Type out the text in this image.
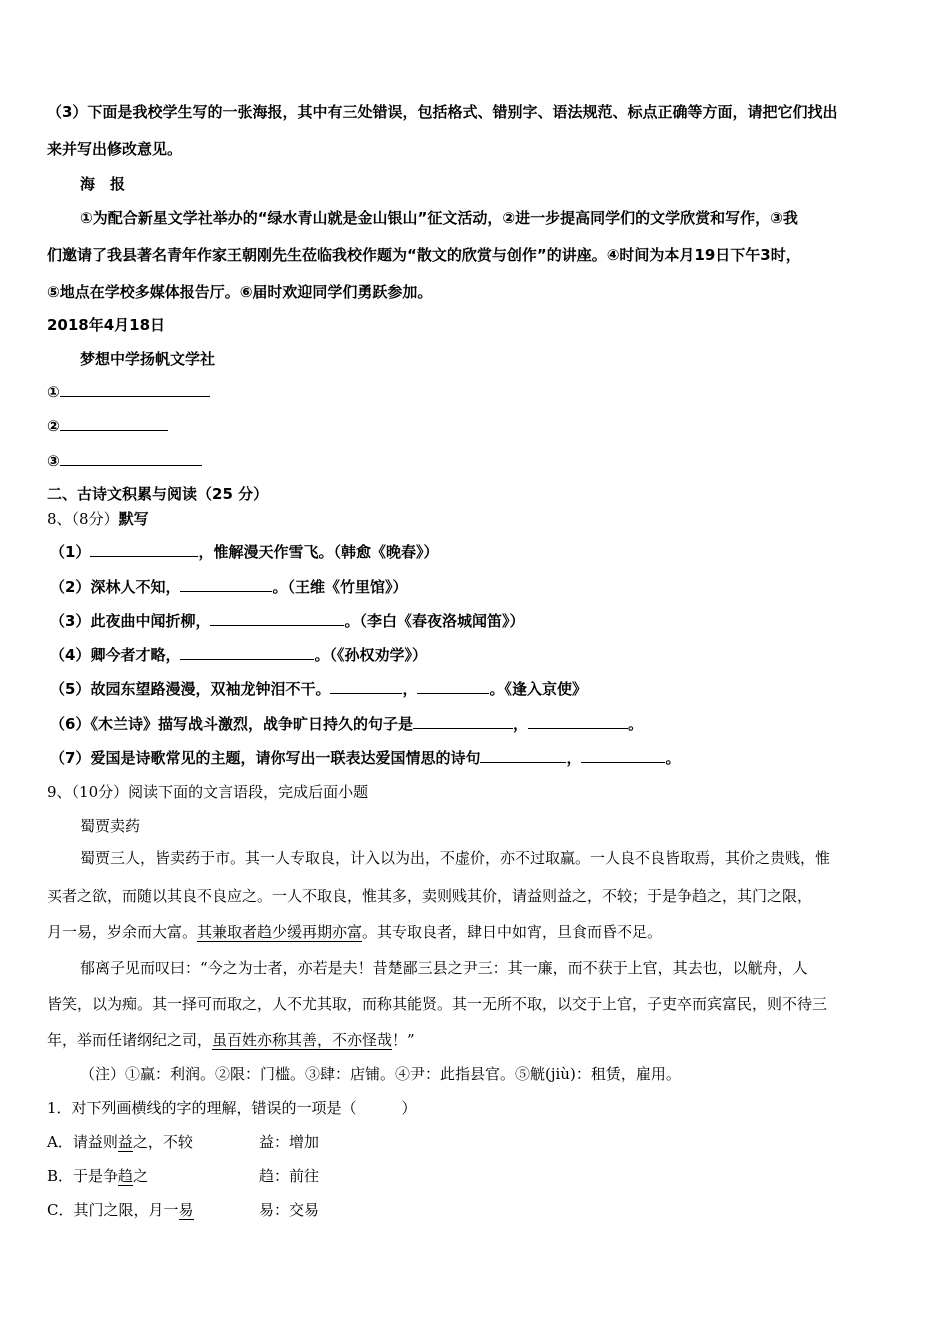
（3）下面是我校学生写的一张海报，其中有三处错误，包括格式、错别字、语法规范、标点正确等方面，请把它们找出
来并写出修改意见。
海　报
①为配合新星文学社举办的“绿水青山就是金山银山”征文活动，②进一步提高同学们的文学欣赏和写作，③我
们邀请了我县著名青年作家王朝刚先生莅临我校作题为“散文的欣赏与创作”的讲座。④时间为本月19日下午3时，
⑤地点在学校多媒体报告厅。⑥届时欢迎同学们勇跃参加。
2018年4月18日
梦想中学扬帆文学社
①
②
③
二、古诗文积累与阅读（25 分）
8、（8分）默写
（1）	，惟解漫天作雪飞。（韩愈《晚春》）
（2）深林人不知，	。（王维《竹里馆》）
（3）此夜曲中闻折柳，	。（李白《春夜洛城闻笛》）
（4）卿今者才略，	。（《孙权劝学》）
（5）故园东望路漫漫，双袖龙钟泪不干。	，	。《逢入京使》
（6）《木兰诗》描写战斗激烈，战争旷日持久的句子是	，	。
（7）爱国是诗歌常见的主题，请你写出一联表达爱国情思的诗句	，	。
9、（10分）阅读下面的文言语段，完成后面小题
蜀贾卖药
蜀贾三人，皆卖药于市。其一人专取良，计入以为出，不虚价，亦不过取赢。一人良不良皆取焉，其价之贵贱，惟
买者之欲，而随以其良不良应之。一人不取良，惟其多，卖则贱其价，请益则益之，不较；于是争趋之，其门之限，
月一易，岁余而大富。其兼取者趋少缓再期亦富。其专取良者，肆日中如宵，旦食而昏不足。
郁离子见而叹曰：“今之为士者，亦若是夫！昔楚鄙三县之尹三：其一廉，而不获于上官，其去也，以觥舟，人
皆笑，以为痴。其一择可而取之，人不尤其取，而称其能贤。其一无所不取，以交于上官，子吏卒而宾富民，则不待三
年，举而任诸纲纪之司，虽百姓亦称其善，不亦怪哉！”
（注）①赢：利润。②限：门槛。③肆：店铺。④尹：此指县官。⑤觥(jiù)：租赁，雇用。
1．对下列画横线的字的理解，错误的一项是（　　　）
A．请益则益之，不较	益：增加
B．于是争趋之	趋：前往
C．其门之限，月一易	易：交易
